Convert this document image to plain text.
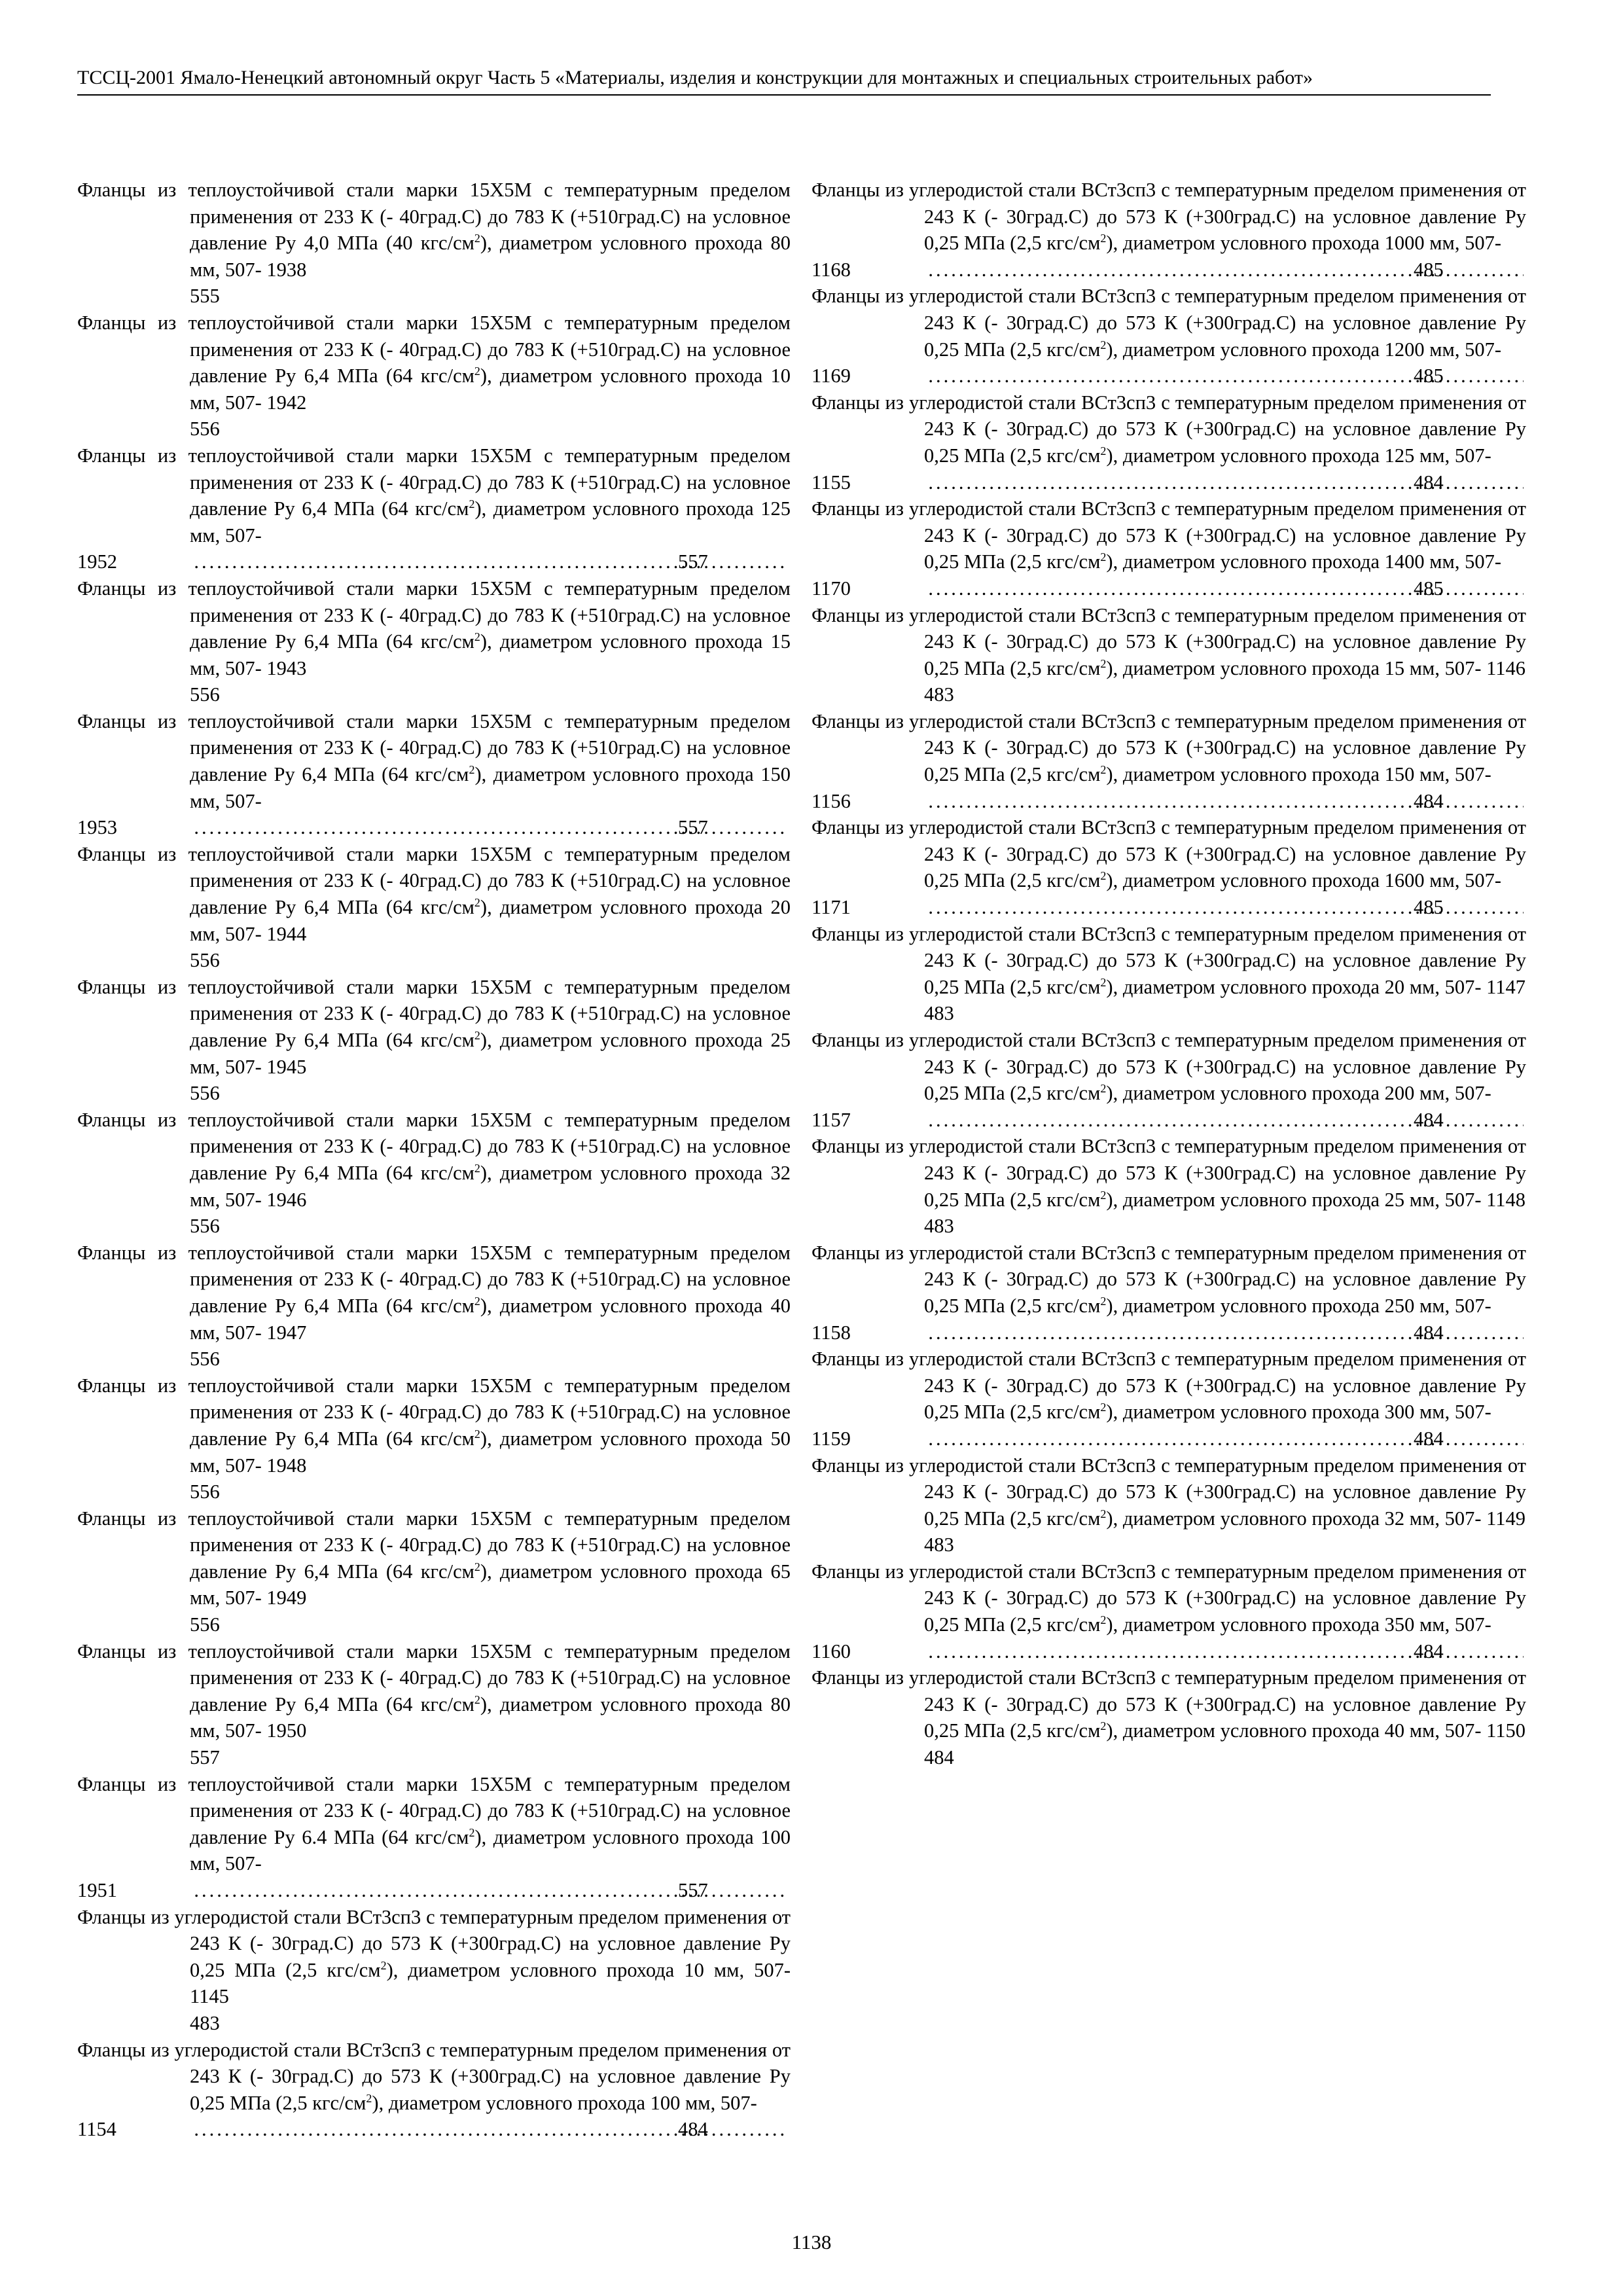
ТССЦ-2001 Ямало-Ненецкий автономный округ Часть 5 «Материалы, изделия и конструкции для монтажных и специальных строительных работ»

Фланцы из теплоустойчивой стали марки 15Х5М с температурным пределом применения от 233 К (- 40град.С) до 783 К (+510град.С) на условное давление Ру 4,0 МПа (40 кгс/$см^2$), диаметром условного прохода 80 мм, 507- 1938
555

Фланцы из теплоустойчивой стали марки 15Х5М с температурным пределом применения от 233 К (- 40град.С) до 783 К (+510град.С) на условное давление Ру 6,4 МПа (64 кгс/$см^2$), диаметром условного прохода 10 мм, 507- 1942
556

Фланцы из теплоустойчивой стали марки 15Х5М с температурным пределом применения от 233 К (- 40град.С) до 783 К (+510град.С) на условное давление Ру 6,4 МПа (64 кгс/$см^2$), диаметром условного прохода 125 мм, 507-
1952 .....	557

Фланцы из теплоустойчивой стали марки 15Х5М с температурным пределом применения от 233 К (- 40град.С) до 783 К (+510град.С) на условное давление Ру 6,4 МПа (64 кгс/$см^2$), диаметром условного прохода 15 мм, 507- 1943
556

Фланцы из теплоустойчивой стали марки 15Х5М с температурным пределом применения от 233 К (- 40град.С) до 783 К (+510град.С) на условное давление Ру 6,4 МПа (64 кгс/$см^2$), диаметром условного прохода 150 мм, 507-
1953 .....	557

Фланцы из теплоустойчивой стали марки 15Х5М с температурным пределом применения от 233 К (- 40град.С) до 783 К (+510град.С) на условное давление Ру 6,4 МПа (64 кгс/$см^2$), диаметром условного прохода 20 мм, 507- 1944
556

Фланцы из теплоустойчивой стали марки 15Х5М с температурным пределом применения от 233 К (- 40град.С) до 783 К (+510град.С) на условное давление Ру 6,4 МПа (64 кгс/$см^2$), диаметром условного прохода 25 мм, 507- 1945
556

Фланцы из теплоустойчивой стали марки 15Х5М с температурным пределом применения от 233 К (- 40град.С) до 783 К (+510град.С) на условное давление Ру 6,4 МПа (64 кгс/$см^2$), диаметром условного прохода 32 мм, 507- 1946
556

Фланцы из теплоустойчивой стали марки 15Х5М с температурным пределом применения от 233 К (- 40град.С) до 783 К (+510град.С) на условное давление Ру 6,4 МПа (64 кгс/$см^2$), диаметром условного прохода 40 мм, 507- 1947
556

Фланцы из теплоустойчивой стали марки 15Х5М с температурным пределом применения от 233 К (- 40град.С) до 783 К (+510град.С) на условное давление Ру 6,4 МПа (64 кгс/$см^2$), диаметром условного прохода 50 мм, 507- 1948
556

Фланцы из теплоустойчивой стали марки 15Х5М с температурным пределом применения от 233 К (- 40град.С) до 783 К (+510град.С) на условное давление Ру 6,4 МПа (64 кгс/$см^2$), диаметром условного прохода 65 мм, 507- 1949
556

Фланцы из теплоустойчивой стали марки 15Х5М с температурным пределом применения от 233 К (- 40град.С) до 783 К (+510град.С) на условное давление Ру 6,4 МПа (64 кгс/$см^2$), диаметром условного прохода 80 мм, 507- 1950
557

Фланцы из теплоустойчивой стали марки 15Х5М с температурным пределом применения от 233 К (- 40град.С) до 783 К (+510град.С) на условное давление Ру 6.4 МПа (64 кгс/$см^2$), диаметром условного прохода 100 мм, 507-
1951 .....	557

Фланцы из углеродистой стали ВСт3сп3 с температурным пределом применения от 243 К (- 30град.С) до 573 К (+300град.С) на условное давление Ру 0,25 МПа (2,5 кгс/$см^2$), диаметром условного прохода 10 мм, 507- 1145
483

Фланцы из углеродистой стали ВСт3сп3 с температурным пределом применения от 243 К (- 30град.С) до 573 К (+300град.С) на условное давление Ру 0,25 МПа (2,5 кгс/$см^2$), диаметром условного прохода 100 мм, 507-
1154 .....	484

Фланцы из углеродистой стали ВСт3сп3 с температурным пределом применения от 243 К (- 30град.С) до 573 К (+300град.С) на условное давление Ру 0,25 МПа (2,5 кгс/$см^2$), диаметром условного прохода 1000 мм, 507-
1168 .....	485

Фланцы из углеродистой стали ВСт3сп3 с температурным пределом применения от 243 К (- 30град.С) до 573 К (+300град.С) на условное давление Ру 0,25 МПа (2,5 кгс/$см^2$), диаметром условного прохода 1200 мм, 507-
1169 .....	485

Фланцы из углеродистой стали ВСт3сп3 с температурным пределом применения от 243 К (- 30град.С) до 573 К (+300град.С) на условное давление Ру 0,25 МПа (2,5 кгс/$см^2$), диаметром условного прохода 125 мм, 507-
1155 .....	484

Фланцы из углеродистой стали ВСт3сп3 с температурным пределом применения от 243 К (- 30град.С) до 573 К (+300град.С) на условное давление Ру 0,25 МПа (2,5 кгс/$см^2$), диаметром условного прохода 1400 мм, 507-
1170 .....	485

Фланцы из углеродистой стали ВСт3сп3 с температурным пределом применения от 243 К (- 30град.С) до 573 К (+300град.С) на условное давление Ру 0,25 МПа (2,5 кгс/$см^2$), диаметром условного прохода 15 мм, 507- 1146
483

Фланцы из углеродистой стали ВСт3сп3 с температурным пределом применения от 243 К (- 30град.С) до 573 К (+300град.С) на условное давление Ру 0,25 МПа (2,5 кгс/$см^2$), диаметром условного прохода 150 мм, 507-
1156 .....	484

Фланцы из углеродистой стали ВСт3сп3 с температурным пределом применения от 243 К (- 30град.С) до 573 К (+300град.С) на условное давление Ру 0,25 МПа (2,5 кгс/$см^2$), диаметром условного прохода 1600 мм, 507-
1171 .....	485

Фланцы из углеродистой стали ВСт3сп3 с температурным пределом применения от 243 К (- 30град.С) до 573 К (+300град.С) на условное давление Ру 0,25 МПа (2,5 кгс/$см^2$), диаметром условного прохода 20 мм, 507- 1147
483

Фланцы из углеродистой стали ВСт3сп3 с температурным пределом применения от 243 К (- 30град.С) до 573 К (+300град.С) на условное давление Ру 0,25 МПа (2,5 кгс/$см^2$), диаметром условного прохода 200 мм, 507-
1157 .....	484

Фланцы из углеродистой стали ВСт3сп3 с температурным пределом применения от 243 К (- 30град.С) до 573 К (+300град.С) на условное давление Ру 0,25 МПа (2,5 кгс/$см^2$), диаметром условного прохода 25 мм, 507- 1148
483

Фланцы из углеродистой стали ВСт3сп3 с температурным пределом применения от 243 К (- 30град.С) до 573 К (+300град.С) на условное давление Ру 0,25 МПа (2,5 кгс/$см^2$), диаметром условного прохода 250 мм, 507-
1158 .....	484

Фланцы из углеродистой стали ВСт3сп3 с температурным пределом применения от 243 К (- 30град.С) до 573 К (+300град.С) на условное давление Ру 0,25 МПа (2,5 кгс/$см^2$), диаметром условного прохода 300 мм, 507-
1159 .....	484

Фланцы из углеродистой стали ВСт3сп3 с температурным пределом применения от 243 К (- 30град.С) до 573 К (+300град.С) на условное давление Ру 0,25 МПа (2,5 кгс/$см^2$), диаметром условного прохода 32 мм, 507- 1149
483

Фланцы из углеродистой стали ВСт3сп3 с температурным пределом применения от 243 К (- 30град.С) до 573 К (+300град.С) на условное давление Ру 0,25 МПа (2,5 кгс/$см^2$), диаметром условного прохода 350 мм, 507-
1160 .....	484

Фланцы из углеродистой стали ВСт3сп3 с температурным пределом применения от 243 К (- 30град.С) до 573 К (+300град.С) на условное давление Ру 0,25 МПа (2,5 кгс/$см^2$), диаметром условного прохода 40 мм, 507- 1150
484

1138
